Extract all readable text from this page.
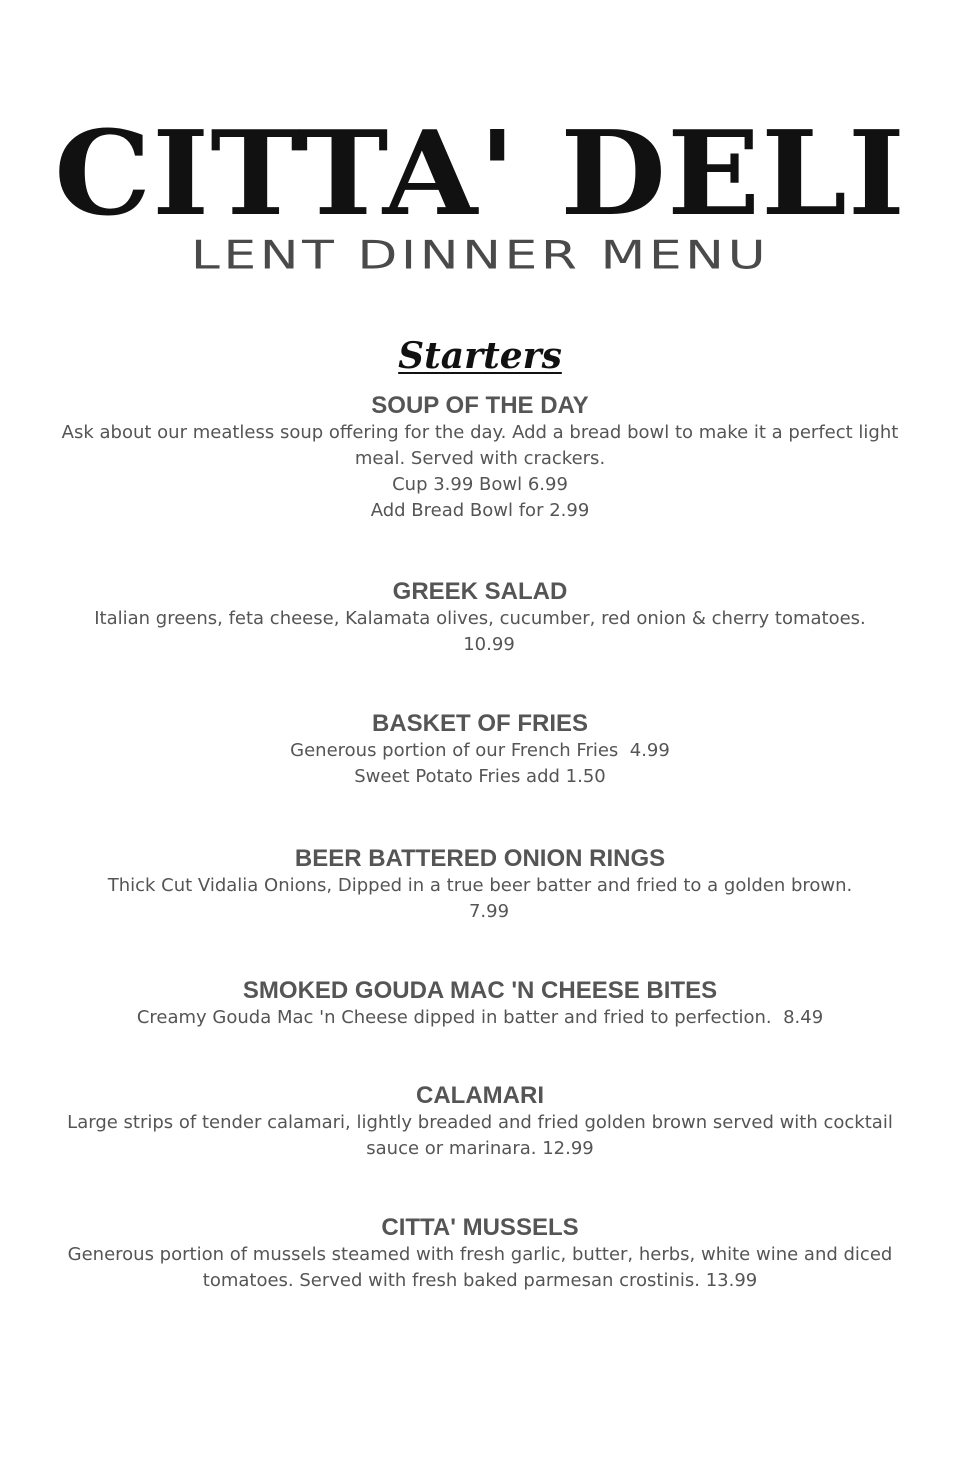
CITTA' DELI
LENT DINNER MENU
Starters

SOUP OF THE DAY

Ask about our meatless soup offering for the day. Add a bread bowl to make it a perfect light meal. Served with crackers.

Cup 3.99 Bowl 6.99

Add Bread Bowl for 2.99

GREEK SALAD

Italian greens, feta cheese, Kalamata olives, cucumber, red onion & cherry tomatoes.

10.99

BASKET OF FRIES

Generous portion of our French Fries  4.99

Sweet Potato Fries add 1.50

BEER BATTERED ONION RINGS

Thick Cut Vidalia Onions, Dipped in a true beer batter and fried to a golden brown.

7.99

SMOKED GOUDA MAC 'N CHEESE BITES

Creamy Gouda Mac 'n Cheese dipped in batter and fried to perfection.  8.49

CALAMARI

Large strips of tender calamari, lightly breaded and fried golden brown served with cocktail sauce or marinara. 12.99

CITTA' MUSSELS

Generous portion of mussels steamed with fresh garlic, butter, herbs, white wine and diced tomatoes. Served with fresh baked parmesan crostinis. 13.99
